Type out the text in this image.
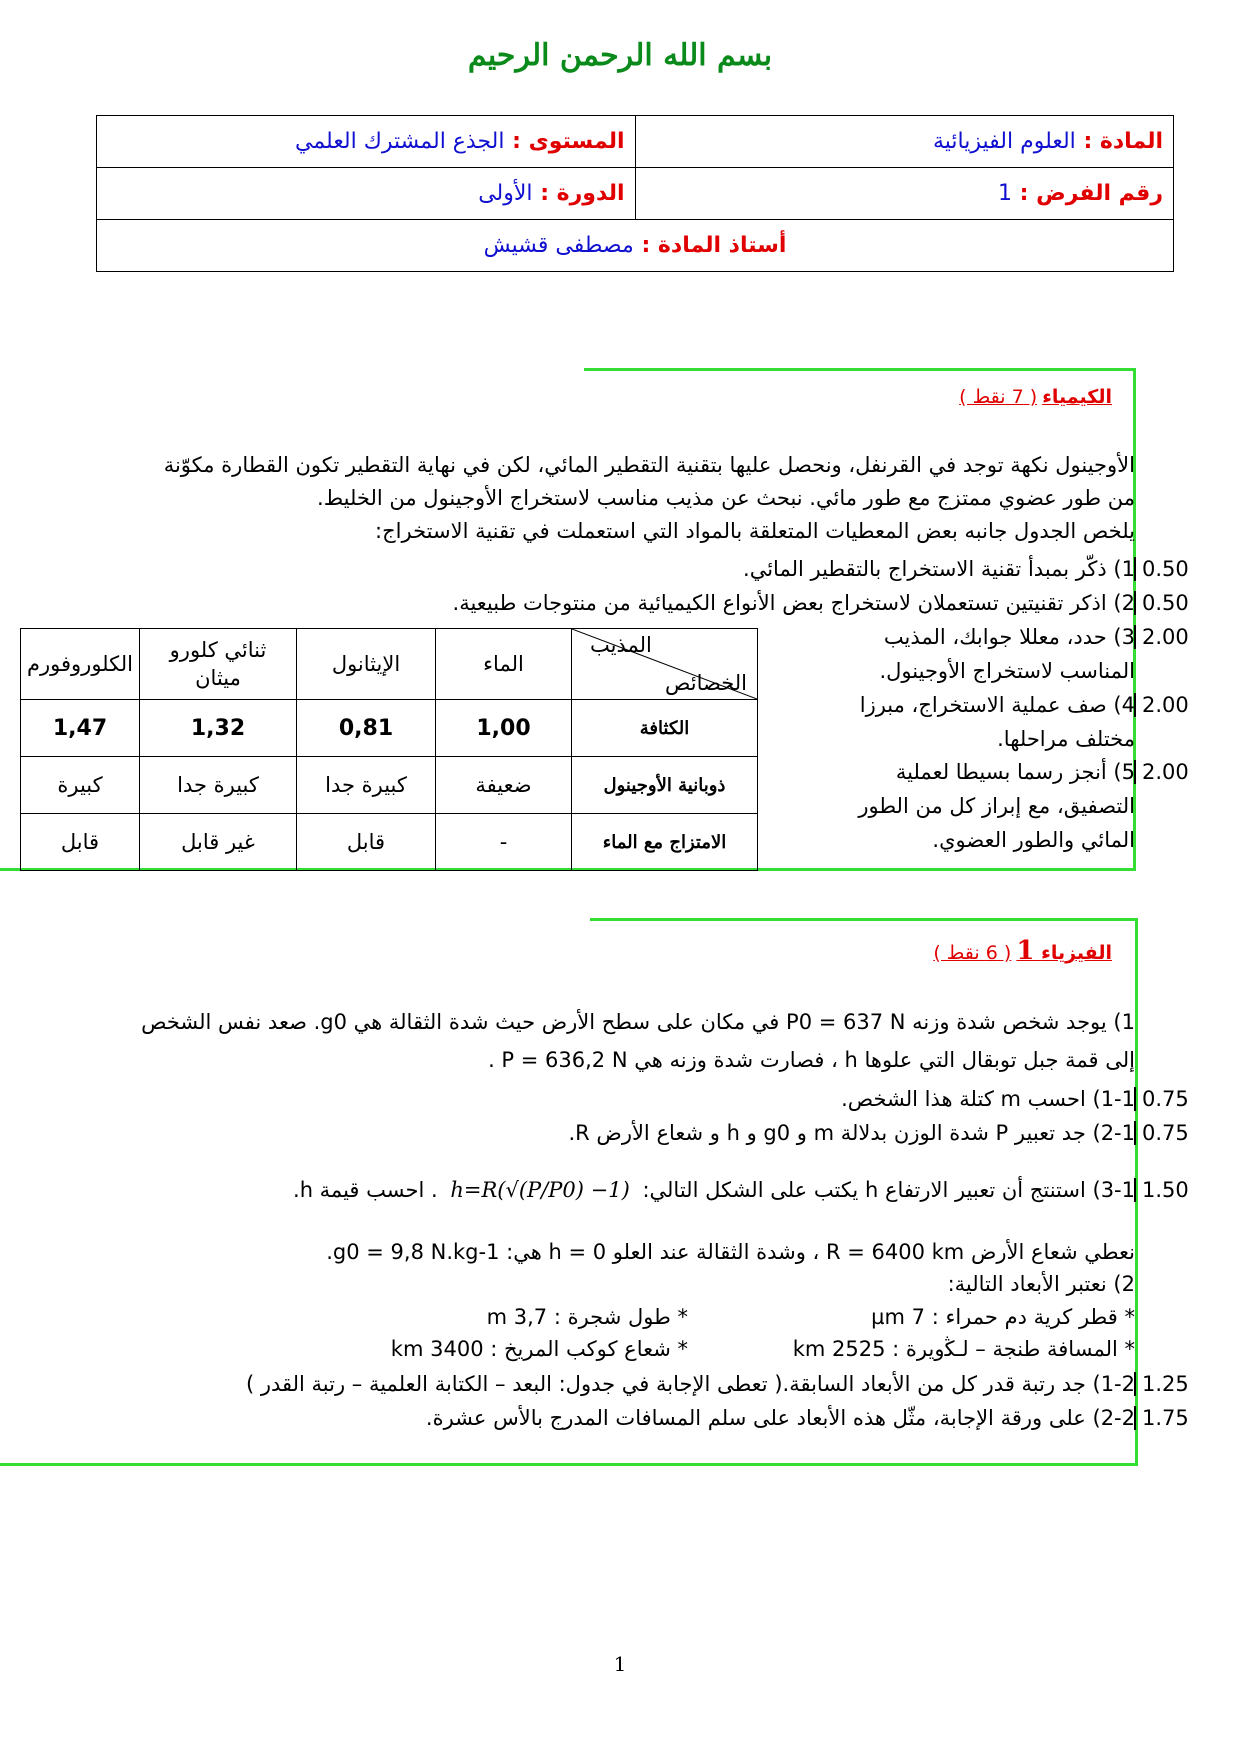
بسم الله الرحمن الرحيم
المادة : العلوم الفيزيائية	المستوى : الجذع المشترك العلمي
رقم الفرض : 1	الدورة : الأولى
أستاذ المادة : مصطفى قشيش	
الكيمياء ( 7 نقط )
الأوجينول نكهة توجد في القرنفل، ونحصل عليها بتقنية التقطير المائي، لكن في نهاية التقطير تكون القطارة مكوّنة
من طور عضوي ممتزج مع طور مائي. نبحث عن مذيب مناسب لاستخراج الأوجينول من الخليط.
يلخص الجدول جانبه بعض المعطيات المتعلقة بالمواد التي استعملت في تقنية الاستخراج:
1) ذكّر بمبدأ تقنية الاستخراج بالتقطير المائي. 0.50
2) اذكر تقنيتين تستعملان لاستخراج بعض الأنواع الكيميائية من منتوجات طبيعية. 0.50
3) حدد، معللا جوابك، المذيب
المناسب لاستخراج الأوجينول.
2.00
4) صف عملية الاستخراج، مبرزا
مختلف مراحلها.
2.00
5) أنجز رسما بسيطا لعملية
التصفيق، مع إبراز كل من الطور
المائي والطور العضوي.
2.00
المذيب
الخصائص	الماء	الإيثانول	ثنائي كلورو ميثان	الكلوروفورم
الكثافة	1,00	0,81	1,32	1,47
ذوبانية الأوجينول	ضعيفة	كبيرة جدا	كبيرة جدا	كبيرة
الامتزاج مع الماء	-	قابل	غير قابل	قابل
الفيزياء 1 ( 6 نقط )
1) يوجد شخص شدة وزنه P0 = 637 N في مكان على سطح الأرض حيث شدة الثقالة هي g0. صعد نفس الشخص
إلى قمة جبل توبقال التي علوها h ، فصارت شدة وزنه هي P = 636,2 N .
1-1) احسب m كتلة هذا الشخص. 0.75
2-1) جد تعبير P شدة الوزن بدلالة m و g0 و h و شعاع الأرض R. 0.75
3-1) استنتج أن تعبير الارتفاع h يكتب على الشكل التالي: h=R(√(P/P0) −1) . احسب قيمة h.	1.50
نعطي شعاع الأرض R = 6400 km ، وشدة الثقالة عند العلو h = 0 هي: g0 = 9,8 N.kg-1.
2) نعتبر الأبعاد التالية:
* قطر كرية دم حمراء : 7 µm
* طول شجرة : 3,7 m
* المسافة طنجة – لـﯖويرة : 2525 km
* شعاع كوكب المريخ : 3400 km
1-2) جد رتبة قدر كل من الأبعاد السابقة.( تعطى الإجابة في جدول: البعد – الكتابة العلمية – رتبة القدر ) 1.25
2-2) على ورقة الإجابة، مثّل هذه الأبعاد على سلم المسافات المدرج بالأس عشرة. 1.75
1
